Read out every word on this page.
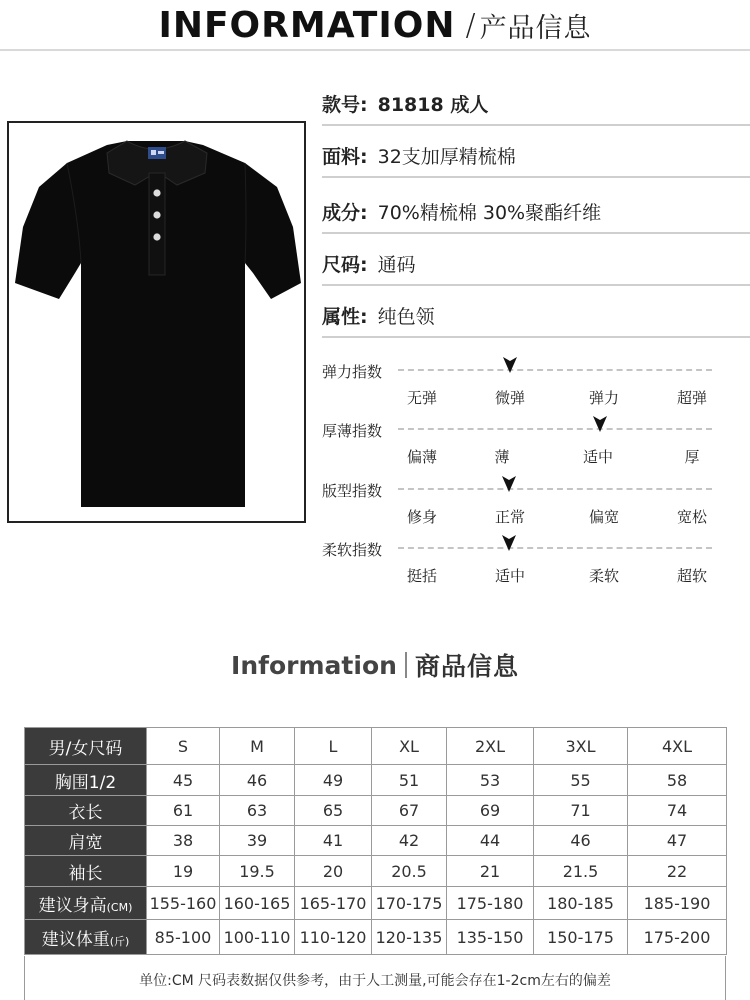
INFORMATION / 产品信息
款号: 81818 成人
面料: 32支加厚精梳棉
成分: 70%精梳棉 30%聚酯纤维
尺码: 通码
属性: 纯色领
弹力指数
无弹	微弹	弹力	超弹
厚薄指数
偏薄	薄	适中	厚
版型指数
修身	正常	偏宽	宽松
柔软指数
挺括	适中	柔软	超软
Information 商品信息
男/女尺码	S	M	L	XL	2XL	3XL	4XL
胸围1/2	45	46	49	51	53	55	58
衣长	61	63	65	67	69	71	74
肩宽	38	39	41	42	44	46	47
袖长	19	19.5	20	20.5	21	21.5	22
建议身高(CM)	155-160	160-165	165-170	170-175	175-180	180-185	185-190
建议体重(斤)	85-100	100-110	110-120	120-135	135-150	150-175	175-200
单位:CM 尺码表数据仅供参考，由于人工测量,可能会存在1-2cm左右的偏差
